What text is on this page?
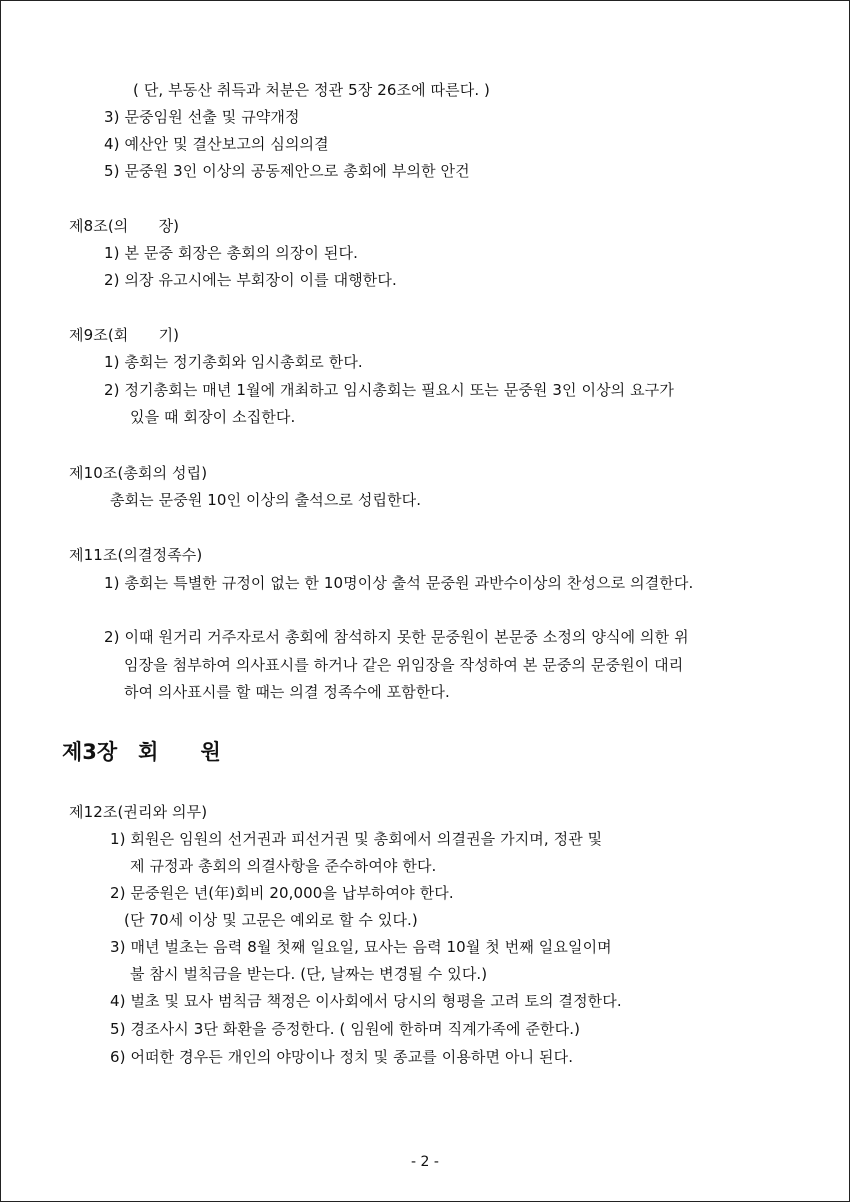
( 단, 부동산 취득과 처분은 정관 5장 26조에 따른다. )
3) 문중임원 선출 및 규약개정
4) 예산안 및 결산보고의 심의의결
5) 문중원 3인 이상의 공동제안으로 총회에 부의한 안건
제8조(의　　장)
1) 본 문중 회장은 총회의 의장이 된다.
2) 의장 유고시에는 부회장이 이를 대행한다.
제9조(회　　기)
1) 총회는 정기총회와 임시총회로 한다.
2) 정기총회는 매년 1월에 개최하고 임시총회는 필요시 또는 문중원 3인 이상의 요구가
있을 때 회장이 소집한다.
제10조(총회의 성립)
총회는 문중원 10인 이상의 출석으로 성립한다.
제11조(의결정족수)
1) 총회는 특별한 규정이 없는 한 10명이상 출석 문중원 과반수이상의 찬성으로 의결한다.
2) 이때 원거리 거주자로서 총회에 참석하지 못한 문중원이 본문중 소정의 양식에 의한 위
임장을 첨부하여 의사표시를 하거나 같은 위임장을 작성하여 본 문중의 문중원이 대리
하여 의사표시를 할 때는 의결 정족수에 포함한다.
제3장　회　　원
제12조(권리와 의무)
1) 회원은 임원의 선거권과 피선거권 및 총회에서 의결권을 가지며, 정관 및
제 규정과 총회의 의결사항을 준수하여야 한다.
2) 문중원은 년(年)회비 20,000을 납부하여야 한다.
(단 70세 이상 및 고문은 예외로 할 수 있다.)
3) 매년 벌초는 음력 8월 첫째 일요일, 묘사는 음력 10월 첫 번째 일요일이며
불 참시 벌칙금을 받는다. (단, 날짜는 변경될 수 있다.)
4) 벌초 및 묘사 범칙금 책정은 이사회에서 당시의 형평을 고려 토의 결정한다.
5) 경조사시 3단 화환을 증정한다. ( 임원에 한하며 직계가족에 준한다.)
6) 어떠한 경우든 개인의 야망이나 정치 및 종교를 이용하면 아니 된다.
- 2 -
